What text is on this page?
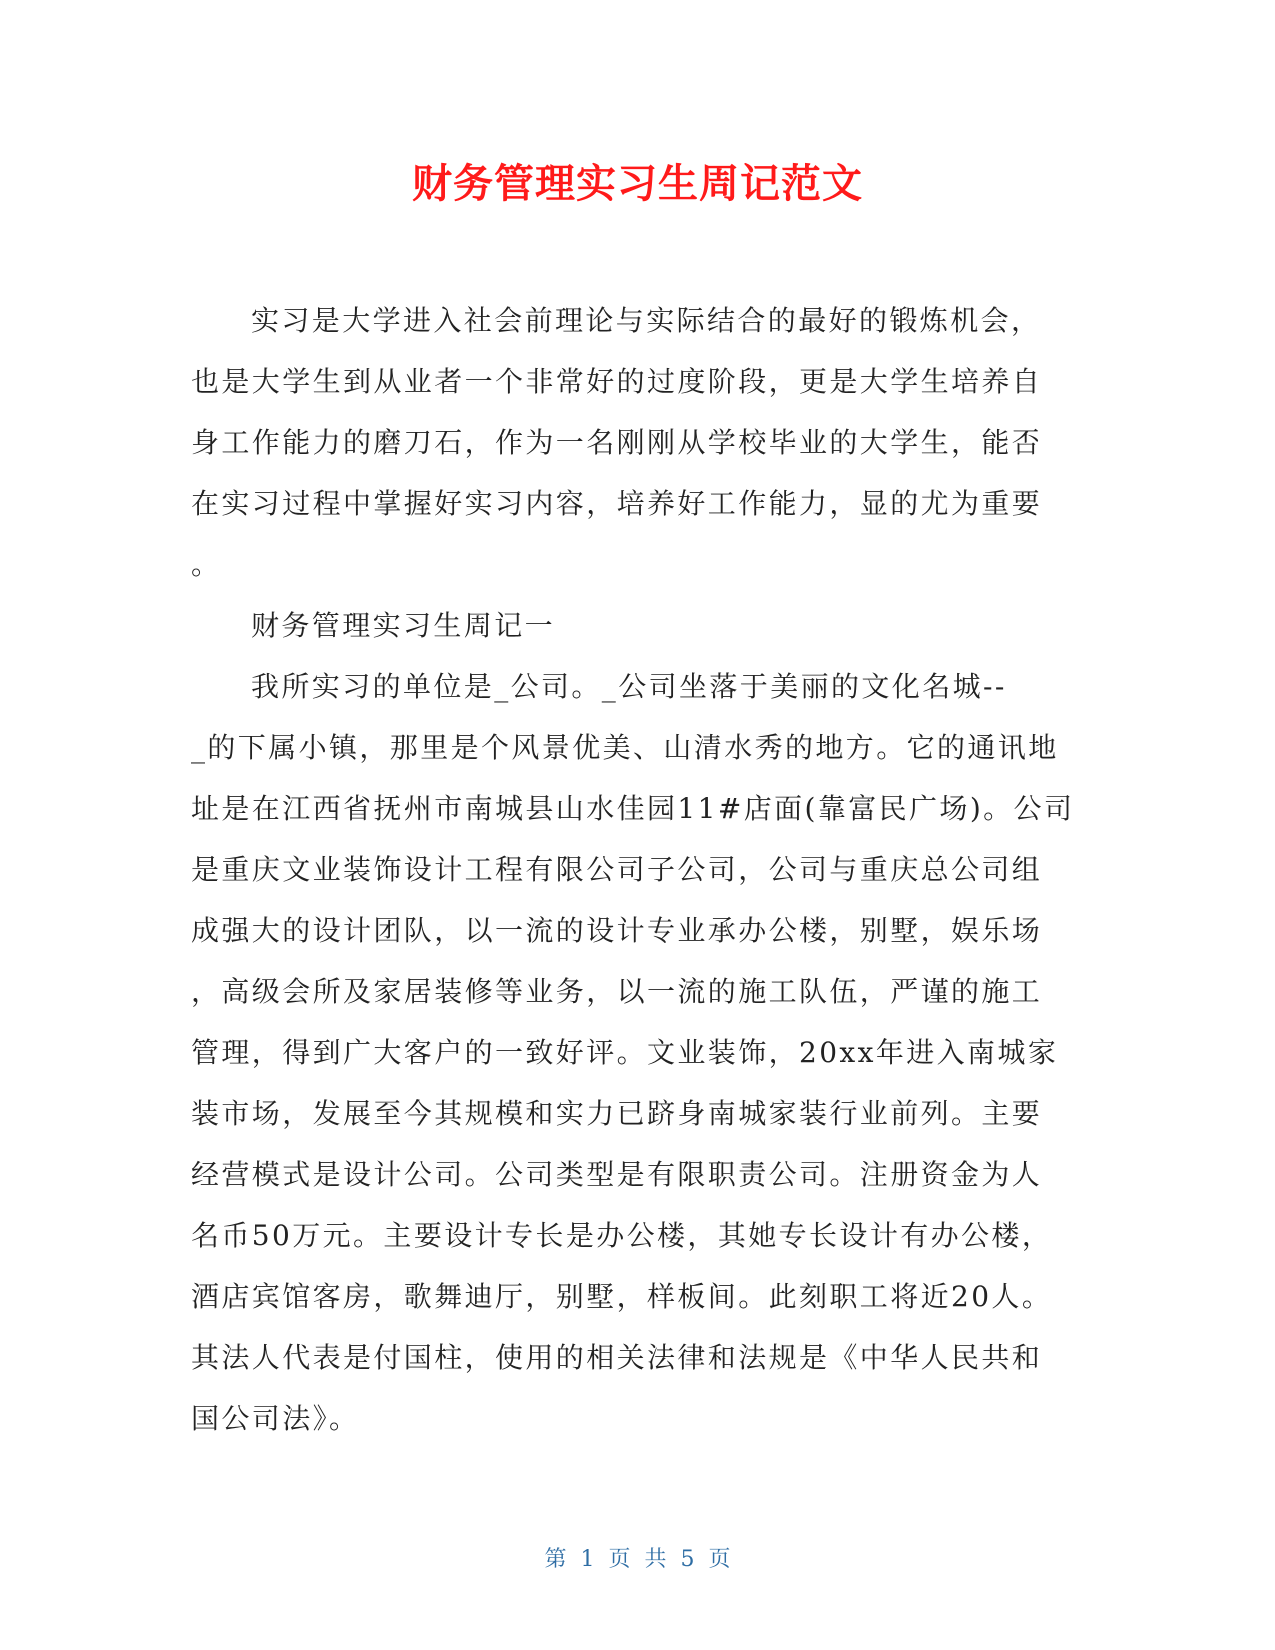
财务管理实习生周记范文
实习是大学进入社会前理论与实际结合的最好的锻炼机会，
也是大学生到从业者一个非常好的过度阶段，更是大学生培养自
身工作能力的磨刀石，作为一名刚刚从学校毕业的大学生，能否
在实习过程中掌握好实习内容，培养好工作能力，显的尤为重要
。
财务管理实习生周记一
我所实习的单位是_公司。_公司坐落于美丽的文化名城--
_的下属小镇，那里是个风景优美、山清水秀的地方。它的通讯地
址是在江西省抚州市南城县山水佳园11#店面(靠富民广场)。公司
是重庆文业装饰设计工程有限公司子公司，公司与重庆总公司组
成强大的设计团队，以一流的设计专业承办公楼，别墅，娱乐场
，高级会所及家居装修等业务，以一流的施工队伍，严谨的施工
管理，得到广大客户的一致好评。文业装饰，20xx年进入南城家
装市场，发展至今其规模和实力已跻身南城家装行业前列。主要
经营模式是设计公司。公司类型是有限职责公司。注册资金为人
名币50万元。主要设计专长是办公楼，其她专长设计有办公楼，
酒店宾馆客房，歌舞迪厅，别墅，样板间。此刻职工将近20人。
其法人代表是付国柱，使用的相关法律和法规是《中华人民共和
国公司法》。
第 1 页 共 5 页
